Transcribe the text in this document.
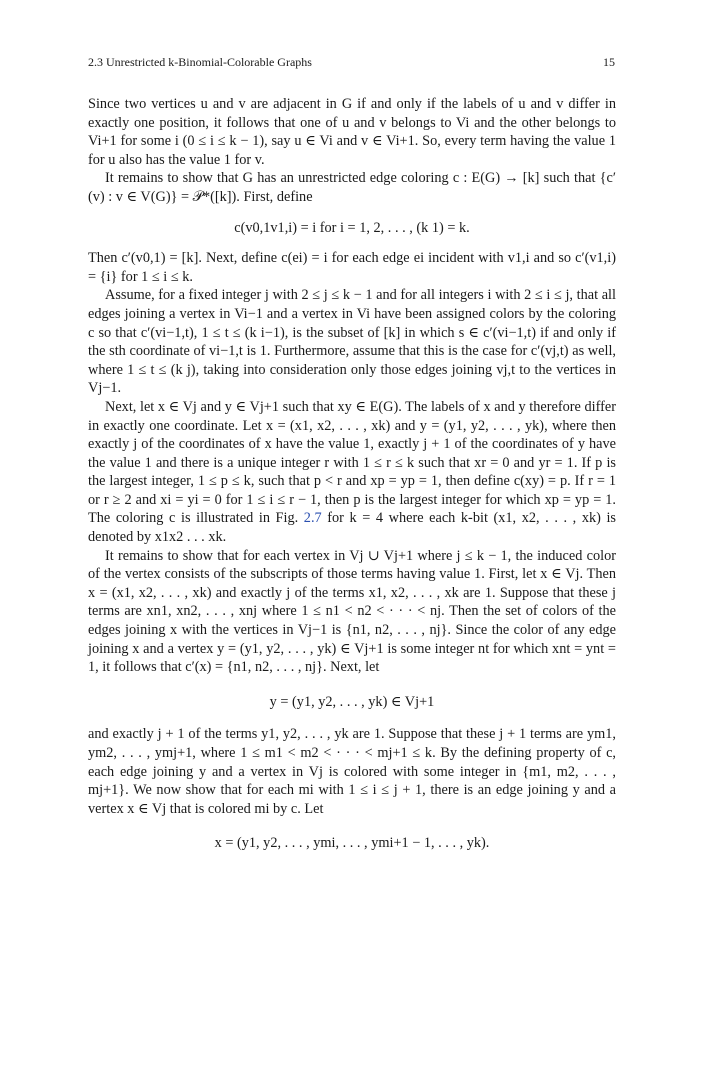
2.3 Unrestricted k-Binomial-Colorable Graphs	15

Since two vertices u and v are adjacent in G if and only if the labels of u and v differ in exactly one position, it follows that one of u and v belongs to Vi and the other belongs to Vi+1 for some i (0 ≤ i ≤ k − 1), say u ∈ Vi and v ∈ Vi+1. So, every term having the value 1 for u also has the value 1 for v.

It remains to show that G has an unrestricted edge coloring c : E(G) → [k] such that {c′(v) : v ∈ V(G)} = 𝒫*([k]). First, define

c(v0,1v1,i) = i for i = 1, 2, . . . , (k 1) = k.

Then c′(v0,1) = [k]. Next, define c(ei) = i for each edge ei incident with v1,i and so c′(v1,i) = {i} for 1 ≤ i ≤ k.

Assume, for a fixed integer j with 2 ≤ j ≤ k − 1 and for all integers i with 2 ≤ i ≤ j, that all edges joining a vertex in Vi−1 and a vertex in Vi have been assigned colors by the coloring c so that c′(vi−1,t), 1 ≤ t ≤ (k i−1), is the subset of [k] in which s ∈ c′(vi−1,t) if and only if the sth coordinate of vi−1,t is 1. Furthermore, assume that this is the case for c′(vj,t) as well, where 1 ≤ t ≤ (k j), taking into consideration only those edges joining vj,t to the vertices in Vj−1.

Next, let x ∈ Vj and y ∈ Vj+1 such that xy ∈ E(G). The labels of x and y therefore differ in exactly one coordinate. Let x = (x1, x2, . . . , xk) and y = (y1, y2, . . . , yk), where then exactly j of the coordinates of x have the value 1, exactly j + 1 of the coordinates of y have the value 1 and there is a unique integer r with 1 ≤ r ≤ k such that xr = 0 and yr = 1. If p is the largest integer, 1 ≤ p ≤ k, such that p < r and xp = yp = 1, then define c(xy) = p. If r = 1 or r ≥ 2 and xi = yi = 0 for 1 ≤ i ≤ r − 1, then p is the largest integer for which xp = yp = 1. The coloring c is illustrated in Fig. 2.7 for k = 4 where each k-bit (x1, x2, . . . , xk) is denoted by x1x2 . . . xk.

It remains to show that for each vertex in Vj ∪ Vj+1 where j ≤ k − 1, the induced color of the vertex consists of the subscripts of those terms having value 1. First, let x ∈ Vj. Then x = (x1, x2, . . . , xk) and exactly j of the terms x1, x2, . . . , xk are 1. Suppose that these j terms are xn1, xn2, . . . , xnj where 1 ≤ n1 < n2 < · · · < nj. Then the set of colors of the edges joining x with the vertices in Vj−1 is {n1, n2, . . . , nj}. Since the color of any edge joining x and a vertex y = (y1, y2, . . . , yk) ∈ Vj+1 is some integer nt for which xnt = ynt = 1, it follows that c′(x) = {n1, n2, . . . , nj}. Next, let

y = (y1, y2, . . . , yk) ∈ Vj+1

and exactly j + 1 of the terms y1, y2, . . . , yk are 1. Suppose that these j + 1 terms are ym1, ym2, . . . , ymj+1, where 1 ≤ m1 < m2 < · · · < mj+1 ≤ k. By the defining property of c, each edge joining y and a vertex in Vj is colored with some integer in {m1, m2, . . . , mj+1}. We now show that for each mi with 1 ≤ i ≤ j + 1, there is an edge joining y and a vertex x ∈ Vj that is colored mi by c. Let

x = (y1, y2, . . . , ymi, . . . , ymi+1 − 1, . . . , yk).
